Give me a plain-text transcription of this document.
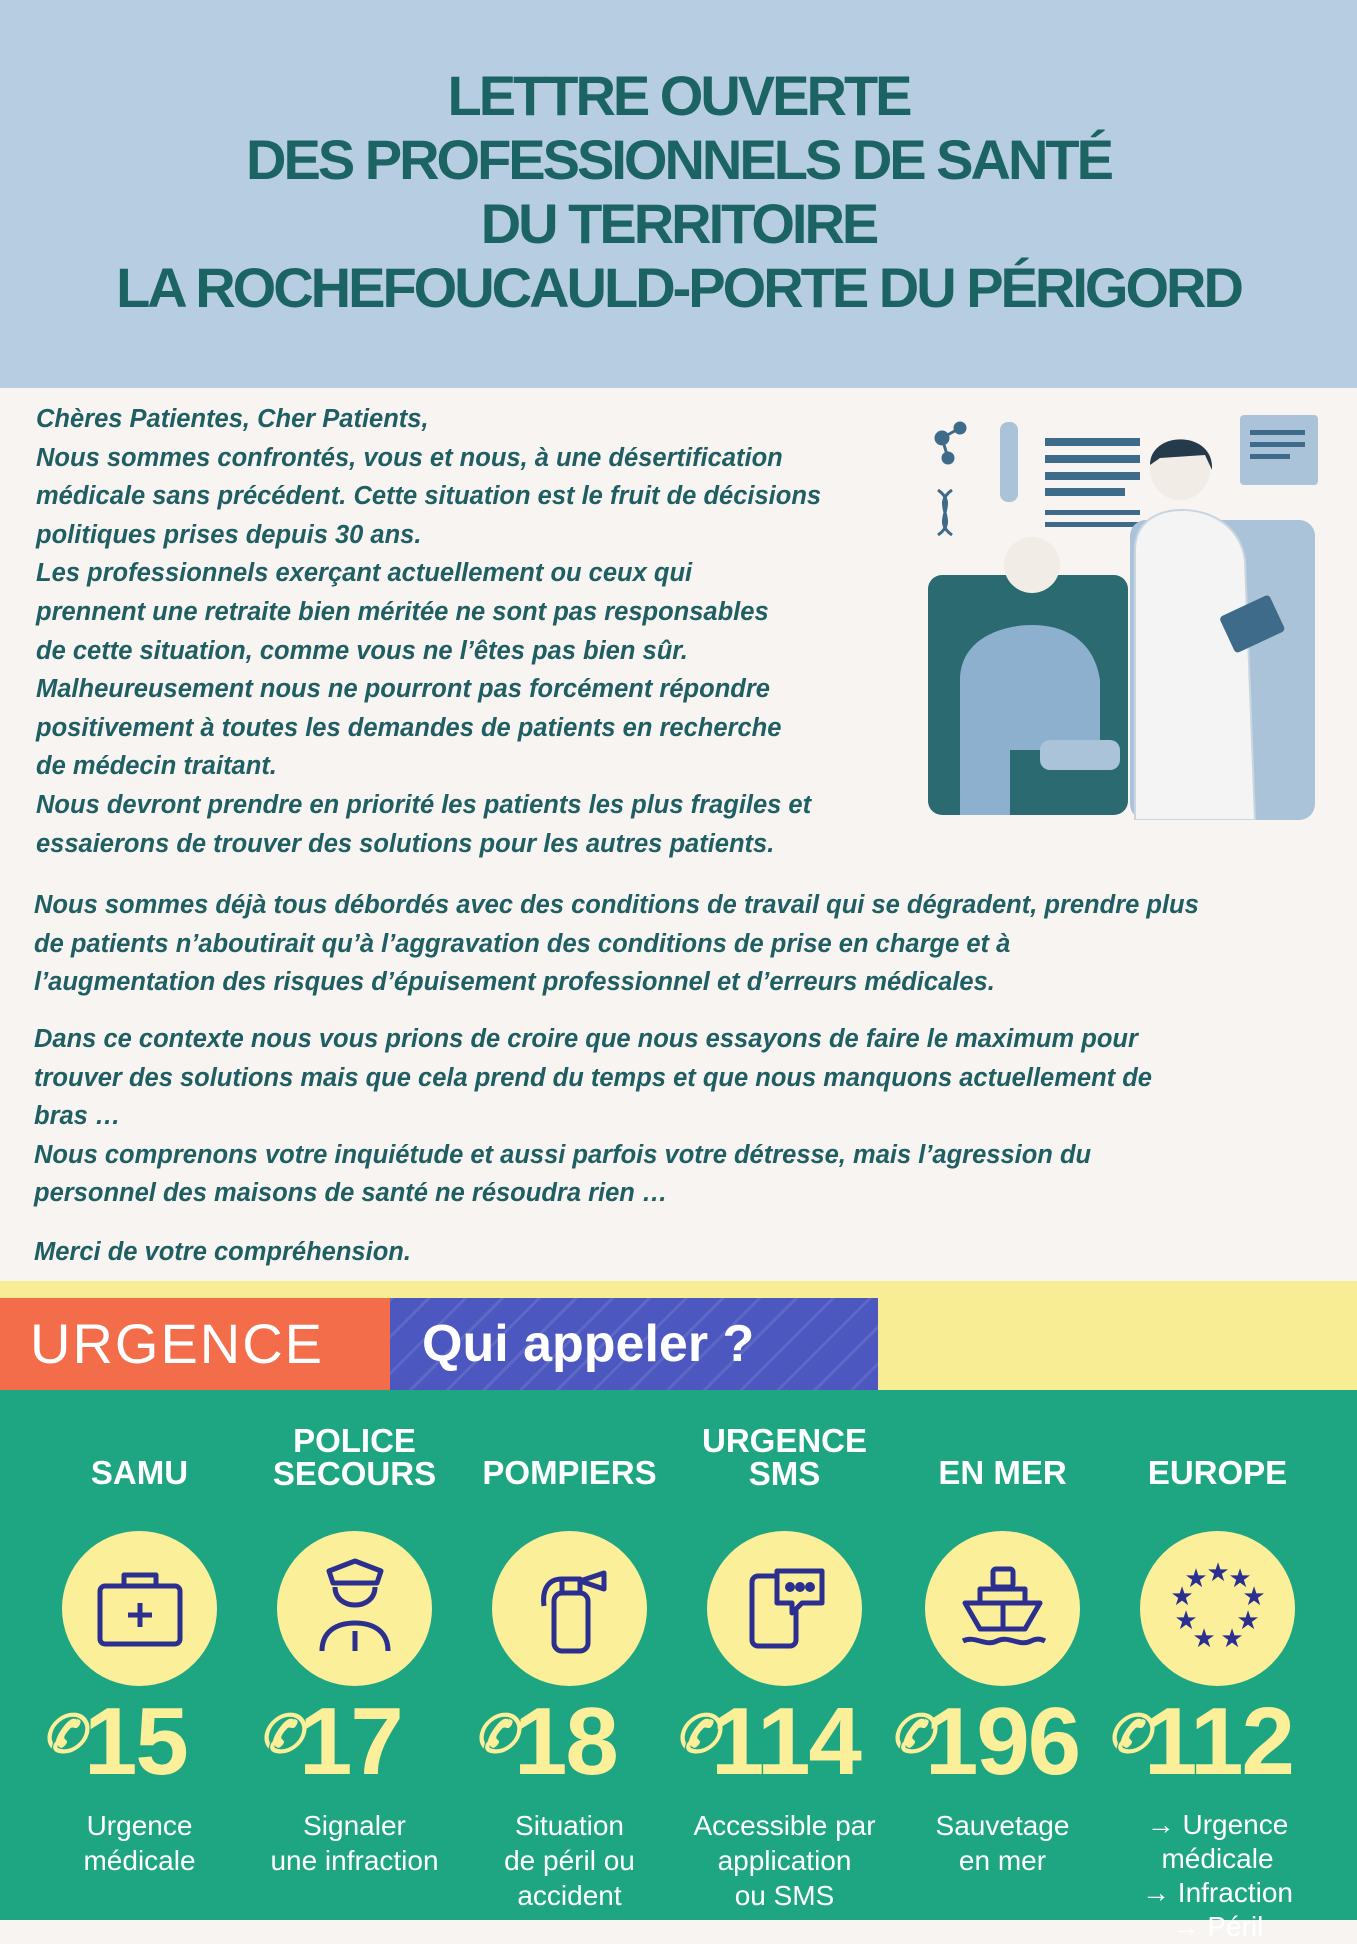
LETTRE OUVERTE
DES PROFESSIONNELS DE SANTÉ
DU TERRITOIRE
LA ROCHEFOUCAULD-PORTE DU PÉRIGORD

Chères Patientes, Cher Patients,

Nous sommes confrontés, vous et nous, à une désertification

médicale sans précédent. Cette situation est le fruit de décisions

politiques prises depuis 30 ans.

Les professionnels exerçant actuellement ou ceux qui

prennent une retraite bien méritée ne sont pas responsables

de cette situation, comme vous ne l’êtes pas bien sûr.

Malheureusement nous ne pourront pas forcément répondre

positivement à toutes les demandes de patients en recherche

de médecin traitant.

Nous devront prendre en priorité les patients les plus fragiles et

essaierons de trouver des solutions pour les autres patients.

Nous sommes déjà tous débordés avec des conditions de travail qui se dégradent, prendre plus

de patients n’aboutirait qu’à l’aggravation des conditions de prise en charge et à

l’augmentation des risques d’épuisement professionnel et d’erreurs médicales.

Dans ce contexte nous vous prions de croire que nous essayons de faire le maximum pour

trouver des solutions mais que cela prend du temps et que nous manquons actuellement de

bras …

Nous comprenons votre inquiétude et aussi parfois votre détresse, mais l’agression du

personnel des maisons de santé ne résoudra rien …

Merci de votre compréhension.

URGENCE	Qui appeler ?
SAMU
✆
15
Urgence
médicale
POLICE
SECOURS
✆
17
Signaler
une infraction
POMPIERS
✆
18
Situation
de péril ou
accident
URGENCE
SMS
✆
114
Accessible par
application
ou SMS
EN MER
✆
196
Sauvetage
en mer
EUROPE
★
★
★
★
★
★
★
★
★
✆
112
→ Urgence
médicale
→ Infraction
→ Péril
